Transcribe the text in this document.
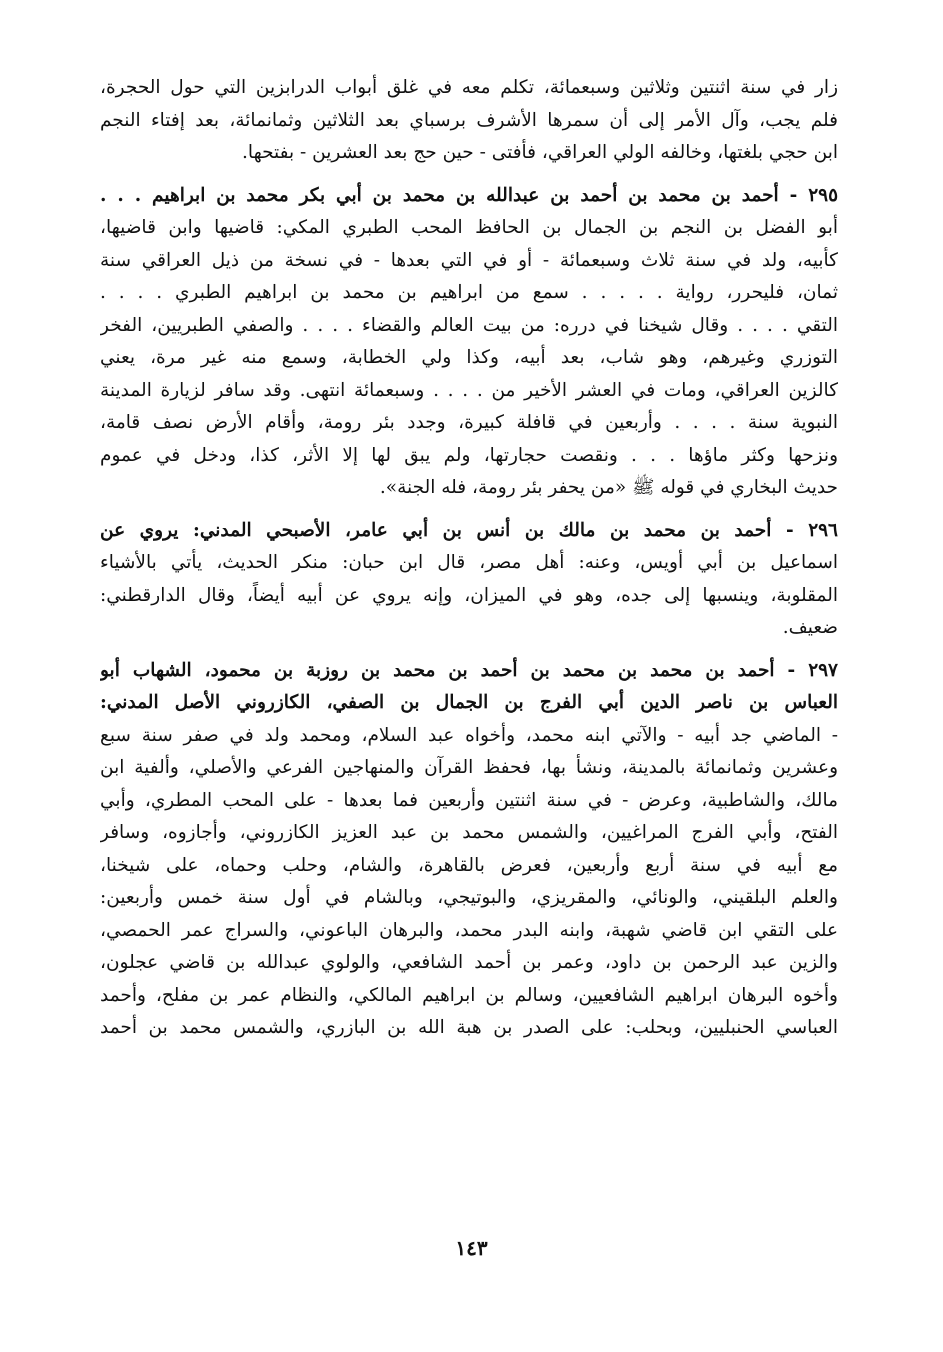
زار في سنة اثنتين وثلاثين وسبعمائة، تكلم معه في غلق أبواب الدرابزين التي حول الحجرة،
فلم يجب، وآل الأمر إلى أن سمرها الأشرف برسباي بعد الثلاثين وثمانمائة، بعد إفتاء النجم
ابن حجي بلغتها، وخالفه الولي العراقي، فأفتى - حين حج بعد العشرين - بفتحها.
٢٩٥ - أحمد بن محمد بن أحمد بن عبدالله بن محمد بن أبي بكر محمد بن ابراهيم . . .
أبو الفضل بن النجم بن الجمال بن الحافظ المحب الطبري المكي: قاضيها وابن قاضيها،
كأبيه، ولد في سنة ثلاث وسبعمائة - أو في التي بعدها - في نسخة من ذيل العراقي سنة
ثمان، فليحرر، رواية . . . . . سمع من ابراهيم بن محمد بن ابراهيم الطبري . . . .
التقي . . . . وقال شيخنا في درره: من بيت العالم والقضاء . . . . والصفي الطبريين، الفخر
التوزري وغيرهم، وهو شاب، بعد أبيه، وكذا ولي الخطابة، وسمع منه غير مرة، يعني
كالزين العراقي، ومات في العشر الأخير من . . . . وسبعمائة انتهى. وقد سافر لزيارة المدينة
النبوية سنة . . . . وأربعين في قافلة كبيرة، وجدد بئر رومة، وأقام الأرض نصف قامة،
ونزحها وكثر ماؤها . . . ونقصت حجارتها، ولم يبق لها إلا الأثر، كذا، ودخل في عموم
حديث البخاري في قوله ﷺ «من يحفر بئر رومة، فله الجنة».
٢٩٦ - أحمد بن محمد بن مالك بن أنس بن أبي عامر، الأصبحي المدني: يروي عن
اسماعيل بن أبي أويس، وعنه: أهل مصر، قال ابن حبان: منكر الحديث، يأتي بالأشياء
المقلوبة، وينسبها إلى جده، وهو في الميزان، وإنه يروي عن أبيه أيضاً، وقال الدارقطني:
ضعيف.
٢٩٧ - أحمد بن محمد بن محمد بن أحمد بن محمد بن روزبة بن محمود، الشهاب أبو
العباس بن ناصر الدين أبي الفرج بن الجمال بن الصفي، الكازروني الأصل المدني:
- الماضي جد أبيه - والآتي ابنه محمد، وأخواه عبد السلام، ومحمد ولد في صفر سنة سبع
وعشرين وثمانمائة بالمدينة، ونشأ بها، فحفظ القرآن والمنهاجين الفرعي والأصلي، وألفية ابن
مالك، والشاطبية، وعرض - في سنة اثنتين وأربعين فما بعدها - على المحب المطري، وأبي
الفتح، وأبي الفرج المراغيين، والشمس محمد بن عبد العزيز الكازروني، وأجازوه، وسافر
مع أبيه في سنة أربع وأربعين، فعرض بالقاهرة، والشام، وحلب وحماه، على شيخنا،
والعلم البلقيني، والونائي، والمقريزي، والبوتيجي، وبالشام في أول سنة خمس وأربعين:
على التقي ابن قاضي شهبة، وابنه البدر محمد، والبرهان الباعوني، والسراج عمر الحمصي،
والزين عبد الرحمن بن داود، وعمر بن أحمد الشافعي، والولوي عبدالله بن قاضي عجلون،
وأخوه البرهان ابراهيم الشافعيين، وسالم بن ابراهيم المالكي، والنظام عمر بن مفلح، وأحمد
العباسي الحنبليين، وبحلب: على الصدر بن هبة الله بن البازري، والشمس محمد بن أحمد
١٤٣
